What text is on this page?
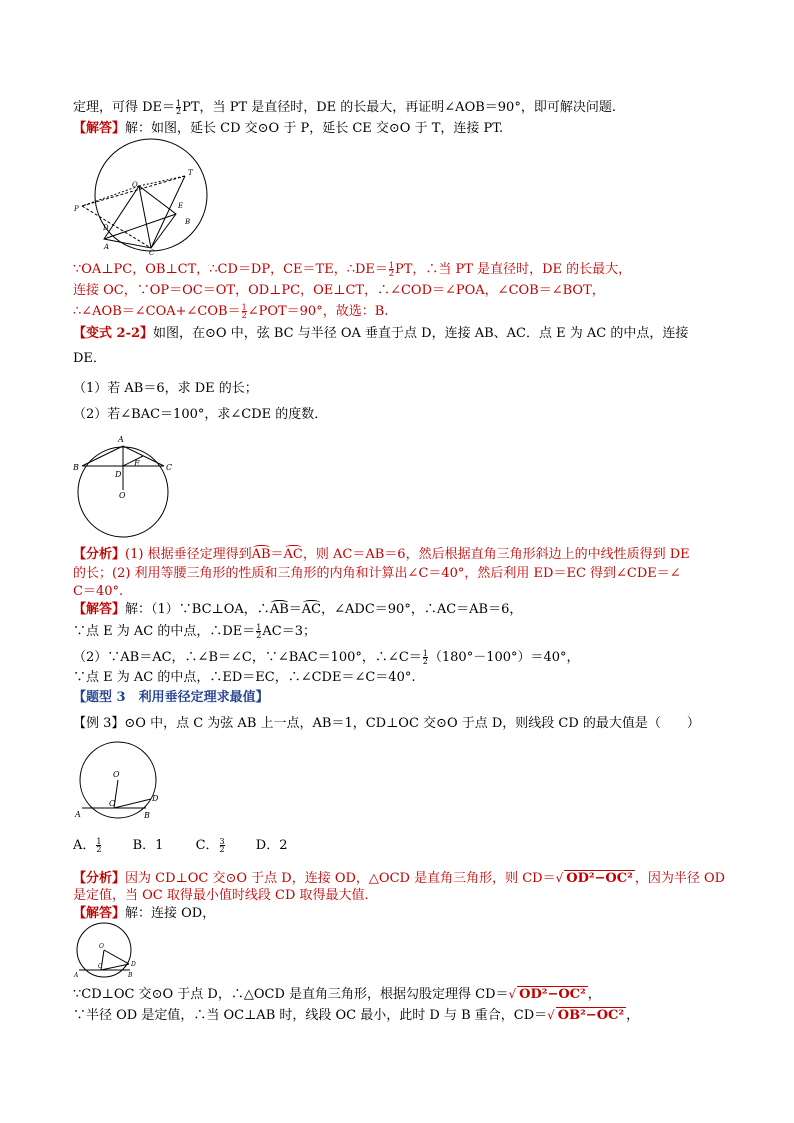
定理，可得 $DE= \frac{1}{2}$ PT，当 PT 是直径时，DE 的长最大，再证明∠AOB＝90°，即可解决问题.
【解答】解：如图，延长 CD 交⊙O 于 P，延长 CE 交⊙O 于 T，连接 PT.
O
T
P	E
B
D
A
C
∵OA⊥PC，OB⊥CT，∴CD＝DP，CE＝TE，∴DE＝ $\frac{1}{2}$ PT，∴当 PT 是直径时，DE 的长最大，
连接 OC，∵OP＝OC＝OT，OD⊥PC，OE⊥CT，∴∠COD＝∠POA，∠COB＝∠BOT，
∴∠AOB＝∠COA+∠COB＝ $\frac{1}{2}$ ∠POT＝90°，故选：B.
【变式 2-2】如图，在⊙O 中，弦 BC 与半径 OA 垂直于点 D，连接 AB、AC．点 E 为 AC 的中点，连接
DE．
（1）若 AB＝6，求 DE 的长；
（2）若∠BAC＝100°，求∠CDE 的度数．
A
B	C
D
E
O
【分析】(1) 根据垂径定理得到AB＝AC，则 AC＝AB＝6，然后根据直角三角形斜边上的中线性质得到 DE
的长；(2) 利用等腰三角形的性质和三角形的内角和计算出∠C＝40°，然后利用 ED＝EC 得到∠CDE＝∠
C＝40°.
【解答】解：（1）∵BC⊥OA，∴AB＝AC，∠ADC＝90°，∴AC＝AB＝6，
∵点 E 为 AC 的中点，∴DE＝ $\frac{1}{2} AC=3$；
（2）∵AB＝AC，∴∠B＝∠C，∵∠BAC＝100°，∴∠C＝ $\frac{1}{2} (180^\circ-100^\circ)=40^\circ$，
∵点 E 为 AC 的中点，∴ED＝EC，∴∠CDE＝∠C＝40°.
【题型 3　利用垂径定理求最值】
【例 3】⊙O 中，点 C 为弦 AB 上一点，AB＝1，CD⊥OC 交⊙O 于点 D，则线段 CD 的最大值是（　　）
O
D
C
A	B
A． $\frac{1}{2}$ B．1 C． $\frac{3}{2}$ D．2
【分析】因为 CD⊥OC 交⊙O 于点 D，连接 OD，△OCD 是直角三角形，则 CD＝√ OD²−OC² ，因为半径 OD
是定值，当 OC 取得最小值时线段 CD 取得最大值.
【解答】解：连接 OD，
O
D
C
A	B
∵CD⊥OC 交⊙O 于点 D，∴△OCD 是直角三角形，根据勾股定理得 CD＝√ OD²−OC² ，
∵半径 OD 是定值，∴当 OC⊥AB 时，线段 OC 最小，此时 D 与 B 重合，CD＝√ OB²−OC² ，
